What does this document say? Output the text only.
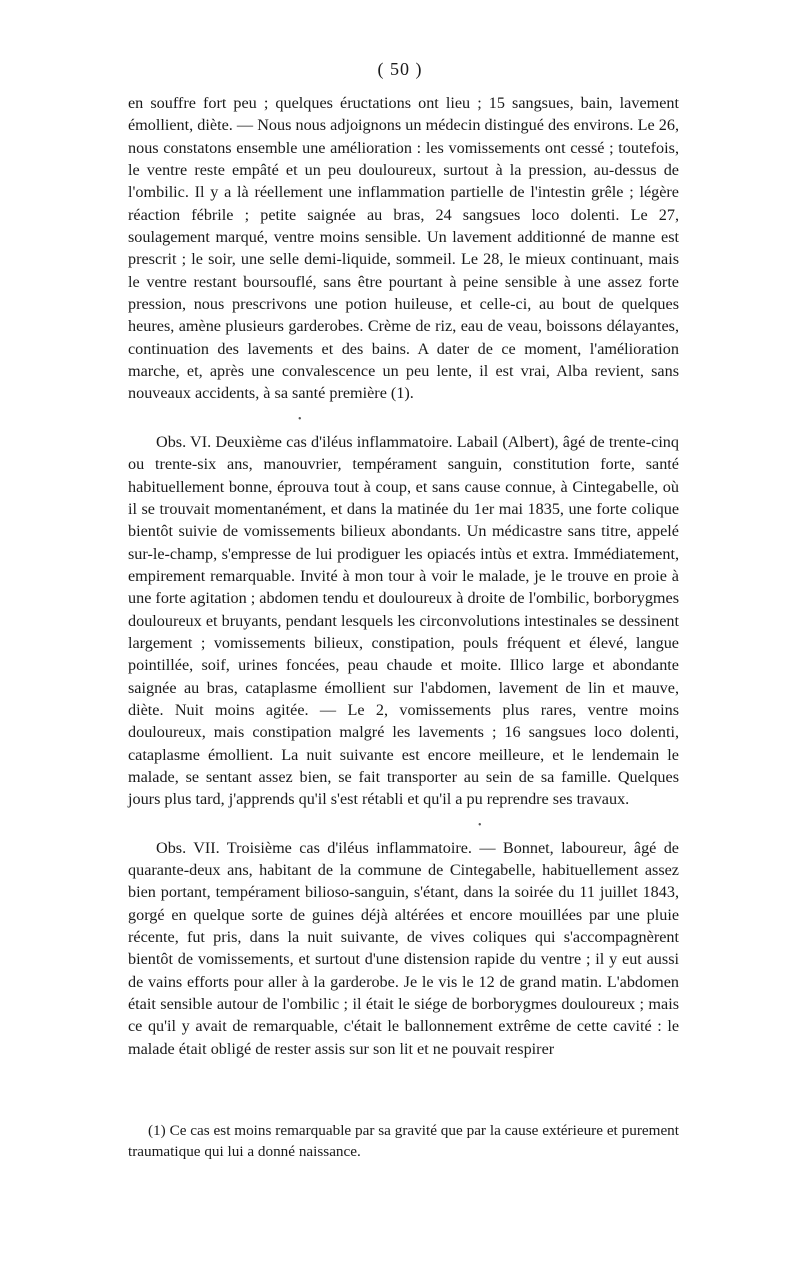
( 50 )

en souffre fort peu ; quelques éructations ont lieu ; 15 sangsues, bain, lavement émollient, diète. — Nous nous adjoignons un médecin distingué des environs. Le 26, nous constatons ensemble une amélioration : les vomissements ont cessé ; toutefois, le ventre reste empâté et un peu douloureux, surtout à la pression, au-dessus de l'ombilic. Il y a là réellement une inflammation partielle de l'intestin grêle ; légère réaction fébrile ; petite saignée au bras, 24 sangsues loco dolenti. Le 27, soulagement marqué, ventre moins sensible. Un lavement additionné de manne est prescrit ; le soir, une selle demi-liquide, sommeil. Le 28, le mieux continuant, mais le ventre restant boursouflé, sans être pourtant à peine sensible à une assez forte pression, nous prescrivons une potion huileuse, et celle-ci, au bout de quelques heures, amène plusieurs garderobes. Crème de riz, eau de veau, boissons délayantes, continuation des lavements et des bains. A dater de ce moment, l'amélioration marche, et, après une convalescence un peu lente, il est vrai, Alba revient, sans nouveaux accidents, à sa santé première (1).

•

Obs. VI. Deuxième cas d'iléus inflammatoire. Labail (Albert), âgé de trente-cinq ou trente-six ans, manouvrier, tempérament sanguin, constitution forte, santé habituellement bonne, éprouva tout à coup, et sans cause connue, à Cintegabelle, où il se trouvait momentanément, et dans la matinée du 1er mai 1835, une forte colique bientôt suivie de vomissements bilieux abondants. Un médicastre sans titre, appelé sur-le-champ, s'empresse de lui prodiguer les opiacés intùs et extra. Immédiatement, empirement remarquable. Invité à mon tour à voir le malade, je le trouve en proie à une forte agitation ; abdomen tendu et douloureux à droite de l'ombilic, borborygmes douloureux et bruyants, pendant lesquels les circonvolutions intestinales se dessinent largement ; vomissements bilieux, constipation, pouls fréquent et élevé, langue pointillée, soif, urines foncées, peau chaude et moite. Illico large et abondante saignée au bras, cataplasme émollient sur l'abdomen, lavement de lin et mauve, diète. Nuit moins agitée. — Le 2, vomissements plus rares, ventre moins douloureux, mais constipation malgré les lavements ; 16 sangsues loco dolenti, cataplasme émollient. La nuit suivante est encore meilleure, et le lendemain le malade, se sentant assez bien, se fait transporter au sein de sa famille. Quelques jours plus tard, j'apprends qu'il s'est rétabli et qu'il a pu reprendre ses travaux.

•

Obs. VII. Troisième cas d'iléus inflammatoire. — Bonnet, laboureur, âgé de quarante-deux ans, habitant de la commune de Cintegabelle, habituellement assez bien portant, tempérament bilioso-sanguin, s'étant, dans la soirée du 11 juillet 1843, gorgé en quelque sorte de guines déjà altérées et encore mouillées par une pluie récente, fut pris, dans la nuit suivante, de vives coliques qui s'accompagnèrent bientôt de vomissements, et surtout d'une distension rapide du ventre ; il y eut aussi de vains efforts pour aller à la garderobe. Je le vis le 12 de grand matin. L'abdomen était sensible autour de l'ombilic ; il était le siége de borborygmes douloureux ; mais ce qu'il y avait de remarquable, c'était le ballonnement extrême de cette cavité : le malade était obligé de rester assis sur son lit et ne pouvait respirer

(1) Ce cas est moins remarquable par sa gravité que par la cause extérieure et purement traumatique qui lui a donné naissance.
